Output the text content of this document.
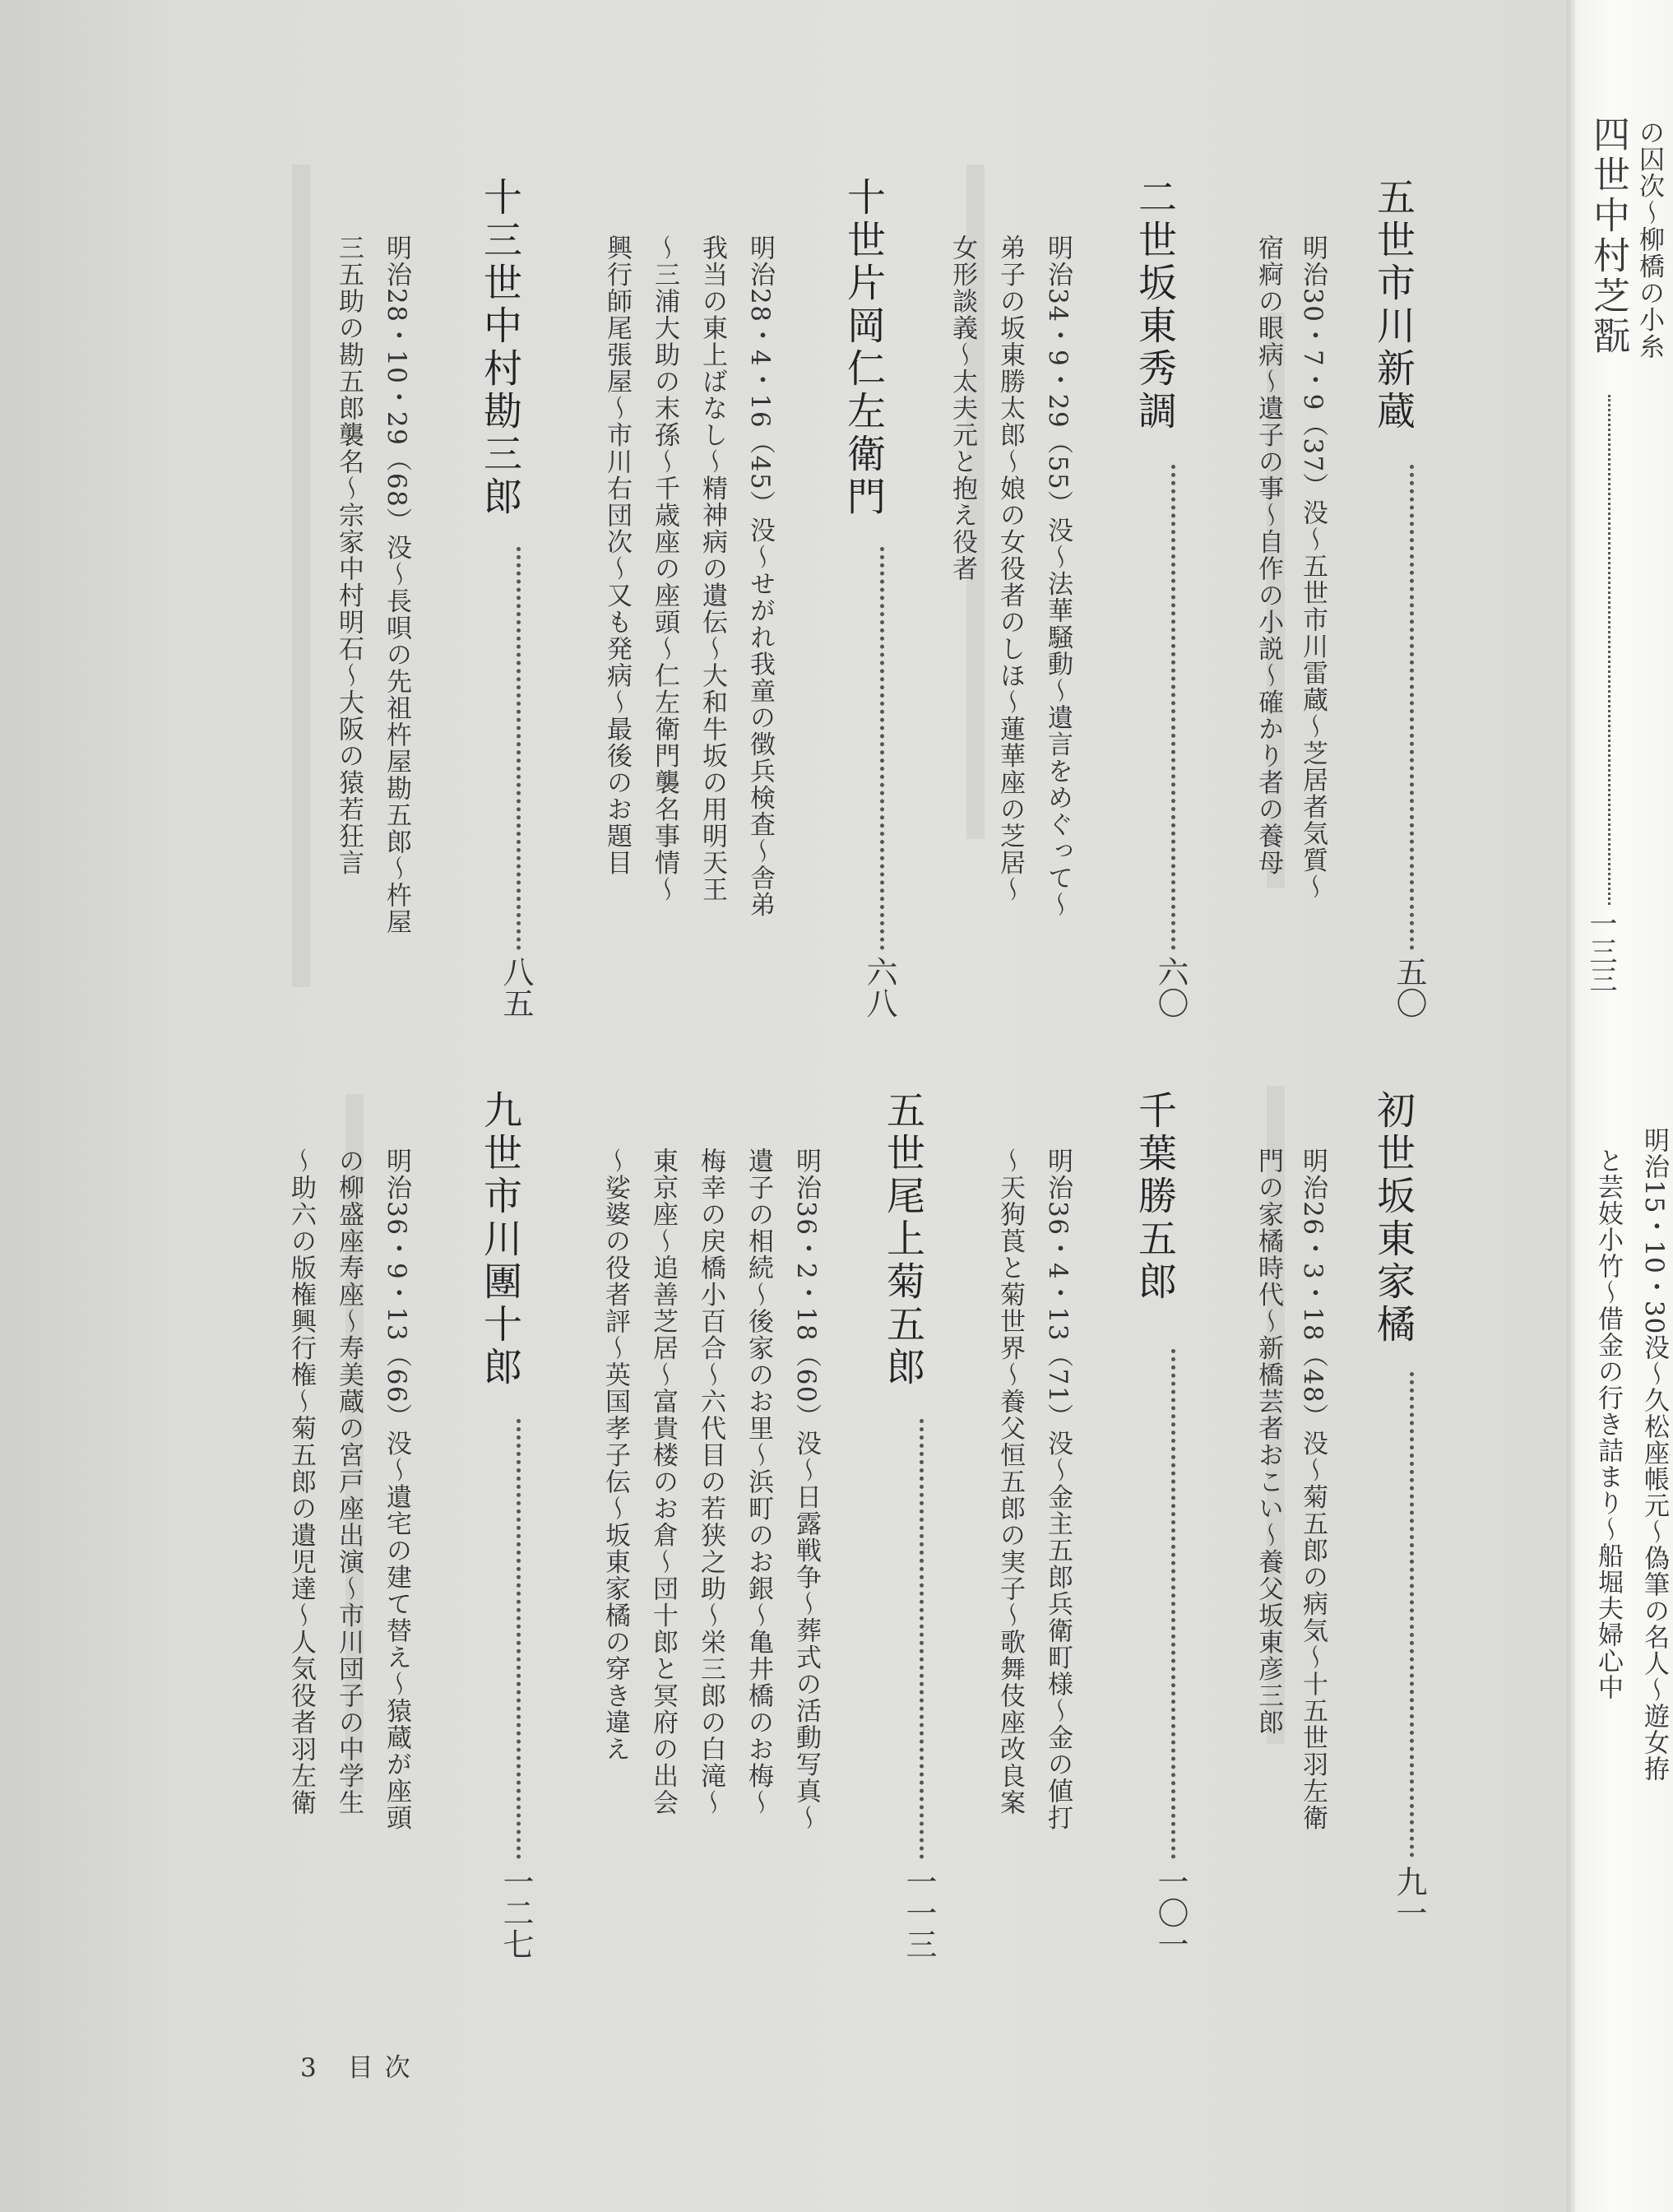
五世市川新蔵
五〇
明治30・7・9（37）没〜五世市川雷蔵〜芝居者気質〜
宿痾の眼病〜遺子の事〜自作の小説〜確かり者の養母
二世坂東秀調
六〇
明治34・9・29（55）没〜法華騒動〜遺言をめぐって〜
弟子の坂東勝太郎〜娘の女役者のしほ〜蓮華座の芝居〜
女形談義〜太夫元と抱え役者
十世片岡仁左衛門
六八
明治28・4・16（45）没〜せがれ我童の徴兵検査〜舎弟
我当の東上ばなし〜精神病の遺伝〜大和牛坂の用明天王
〜三浦大助の末孫〜千歳座の座頭〜仁左衛門襲名事情〜
興行師尾張屋〜市川右団次〜又も発病〜最後のお題目
十三世中村勘三郎
八五
明治28・10・29（68）没〜長唄の先祖杵屋勘五郎〜杵屋
三五助の勘五郎襲名〜宗家中村明石〜大阪の猿若狂言
初世坂東家橘
九一
明治26・3・18（48）没〜菊五郎の病気〜十五世羽左衛
門の家橘時代〜新橋芸者おこい〜養父坂東彦三郎
千葉勝五郎
一〇一
明治36・4・13（71）没〜金主五郎兵衛町様〜金の値打
〜天狗莨と菊世界〜養父恒五郎の実子〜歌舞伎座改良案
五世尾上菊五郎
一一三
明治36・2・18（60）没〜日露戦争〜葬式の活動写真〜
遺子の相続〜後家のお里〜浜町のお銀〜亀井橋のお梅〜
梅幸の戻橋小百合〜六代目の若狭之助〜栄三郎の白滝〜
東京座〜追善芝居〜富貴楼のお倉〜団十郎と冥府の出会
〜娑婆の役者評〜英国孝子伝〜坂東家橘の穿き違え
九世市川團十郎
一二七
明治36・9・13（66）没〜遺宅の建て替え〜猿蔵が座頭
の柳盛座寿座〜寿美蔵の宮戸座出演〜市川団子の中学生
〜助六の版権興行権〜菊五郎の遺児達〜人気役者羽左衛
3 目次
の囚次〜柳橋の小糸
四世中村芝翫
一三三
明治15・10・30没〜久松座帳元〜偽筆の名人〜遊女拵
と芸妓小竹〜借金の行き詰まり〜船堀夫婦心中
